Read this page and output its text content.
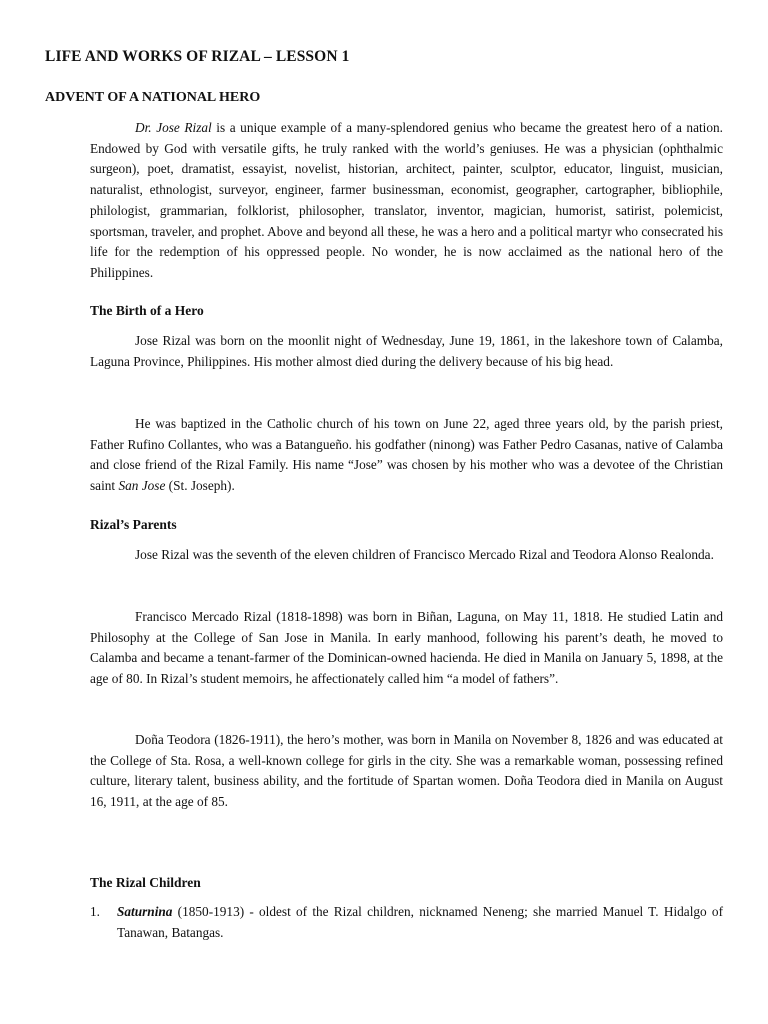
LIFE AND WORKS OF RIZAL – LESSON 1
ADVENT OF A NATIONAL HERO

Dr. Jose Rizal is a unique example of a many-splendored genius who became the greatest hero of a nation. Endowed by God with versatile gifts, he truly ranked with the world’s geniuses. He was a physician (ophthalmic surgeon), poet, dramatist, essayist, novelist, historian, architect, painter, sculptor, educator, linguist, musician, naturalist, ethnologist, surveyor, engineer, farmer businessman, economist, geographer, cartographer, bibliophile, philologist, grammarian, folklorist, philosopher, translator, inventor, magician, humorist, satirist, polemicist, sportsman, traveler, and prophet. Above and beyond all these, he was a hero and a political martyr who consecrated his life for the redemption of his oppressed people. No wonder, he is now acclaimed as the national hero of the Philippines.

The Birth of a Hero

Jose Rizal was born on the moonlit night of Wednesday, June 19, 1861, in the lakeshore town of Calamba, Laguna Province, Philippines. His mother almost died during the delivery because of his big head.

He was baptized in the Catholic church of his town on June 22, aged three years old, by the parish priest, Father Rufino Collantes, who was a Batangueño. his godfather (ninong) was Father Pedro Casanas, native of Calamba and close friend of the Rizal Family. His name “Jose” was chosen by his mother who was a devotee of the Christian saint San Jose (St. Joseph).

Rizal’s Parents

Jose Rizal was the seventh of the eleven children of Francisco Mercado Rizal and Teodora Alonso Realonda.

Francisco Mercado Rizal (1818-1898) was born in Biñan, Laguna, on May 11, 1818. He studied Latin and Philosophy at the College of San Jose in Manila. In early manhood, following his parent’s death, he moved to Calamba and became a tenant-farmer of the Dominican-owned hacienda. He died in Manila on January 5, 1898, at the age of 80. In Rizal’s student memoirs, he affectionately called him “a model of fathers”.

Doña Teodora (1826-1911), the hero’s mother, was born in Manila on November 8, 1826 and was educated at the College of Sta. Rosa, a well-known college for girls in the city. She was a remarkable woman, possessing refined culture, literary talent, business ability, and the fortitude of Spartan women. Doña Teodora died in Manila on August 16, 1911, at the age of 85.

The Rizal Children
1. Saturnina (1850-1913) - oldest of the Rizal children, nicknamed Neneng; she married Manuel T. Hidalgo of Tanawan, Batangas.
